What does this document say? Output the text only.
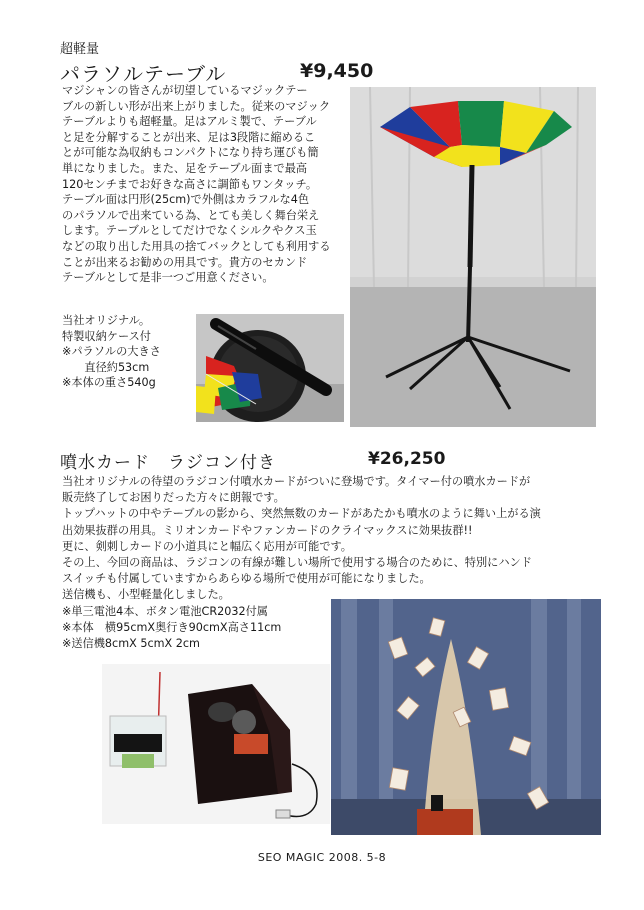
超軽量
パラソルテーブル	¥9,450
マジシャンの皆さんが切望しているマジックテー
ブルの新しい形が出来上がりました。従来のマジック
テーブルよりも超軽量。足はアルミ製で、テーブル
と足を分解することが出来、足は3段階に縮めるこ
とが可能な為収納もコンパクトになり持ち運びも簡
単になりました。また、足をテーブル面まで最高
120センチまでお好きな高さに調節もワンタッチ。
テーブル面は円形(25cm)で外側はカラフルな4色
のパラソルで出来ている為、とても美しく舞台栄え
します。テーブルとしてだけでなくシルクやクス玉
などの取り出した用具の捨てバックとしても利用する
ことが出来るお勧めの用具です。貴方のセカンド
テーブルとして是非一つご用意ください。
当社オリジナル。
特製収納ケース付
※パラソルの大きさ
　　直径約53cm
※本体の重さ540g
噴水カード　ラジコン付き	¥26,250
当社オリジナルの待望のラジコン付噴水カードがついに登場です。タイマー付の噴水カードが
販売終了してお困りだった方々に朗報です。
トップハットの中やテーブルの影から、突然無数のカードがあたかも噴水のように舞い上がる演
出効果抜群の用具。ミリオンカードやファンカードのクライマックスに効果抜群!!
更に、剣刺しカードの小道具にと幅広く応用が可能です。
その上、今回の商品は、ラジコンの有線が難しい場所で使用する場合のために、特別にハンド
スイッチも付属していますからあらゆる場所で使用が可能になりました。
送信機も、小型軽量化しました。
※単三電池4本、ボタン電池CR2032付属
※本体　横95cmX奥行き90cmX高さ11cm
※送信機8cmX 5cmX 2cm
SEO MAGIC 2008. 5-8
